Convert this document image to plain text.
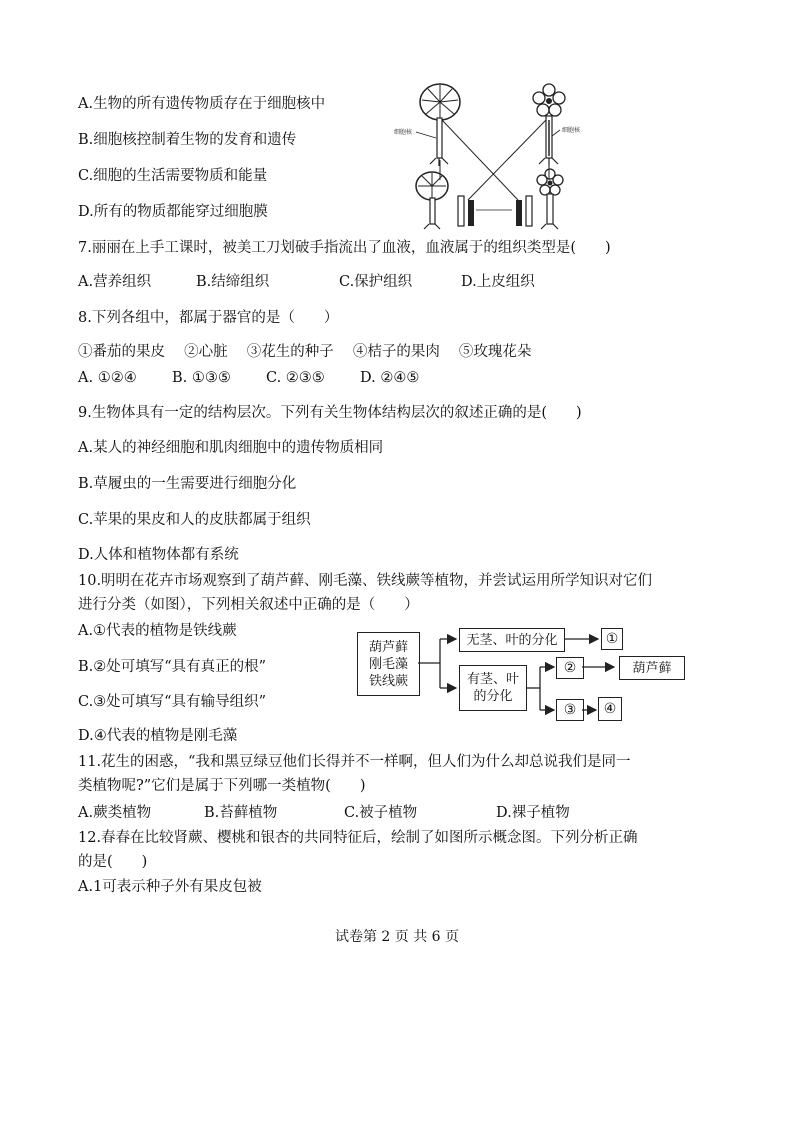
A.生物的所有遗传物质存在于细胞核中
B.细胞核控制着生物的发育和遗传
C.细胞的生活需要物质和能量
D.所有的物质都能穿过细胞膜
细胞核	细胞核
7.丽丽在上手工课时，被美工刀划破手指流出了血液，血液属于的组织类型是(　　)
A.营养组织	B.结缔组织	C.保护组织	D.上皮组织
8.下列各组中，都属于器官的是（　　）
①番茄的果皮　 ②心脏　 ③花生的种子　 ④桔子的果肉　 ⑤玫瑰花朵
A. ①②④ B. ①③⑤ C. ②③⑤ D. ②④⑤
9.生物体具有一定的结构层次。下列有关生物体结构层次的叙述正确的是(　　)
A.某人的神经细胞和肌肉细胞中的遗传物质相同
B.草履虫的一生需要进行细胞分化
C.苹果的果皮和人的皮肤都属于组织
D.人体和植物体都有系统
10.明明在花卉市场观察到了葫芦藓、刚毛藻、铁线蕨等植物，并尝试运用所学知识对它们
进行分类（如图），下列相关叙述中正确的是（　　）
A.①代表的植物是铁线蕨
B.②处可填写“具有真正的根”
C.③处可填写“具有输导组织”
D.④代表的植物是刚毛藻
葫芦藓
刚毛藻
铁线蕨
无茎、叶的分化	①
有茎、叶
的分化
②	葫芦藓
③	④
11.花生的困惑，“我和黑豆绿豆他们长得并不一样啊，但人们为什么却总说我们是同一
类植物呢?”它们是属于下列哪一类植物(　　)
A.蕨类植物	B.苔藓植物	C.被子植物	D.裸子植物
12.春春在比较肾蕨、樱桃和银杏的共同特征后，绘制了如图所示概念图。下列分析正确
的是(　　)
A.1可表示种子外有果皮包被
试卷第 2 页 共 6 页
